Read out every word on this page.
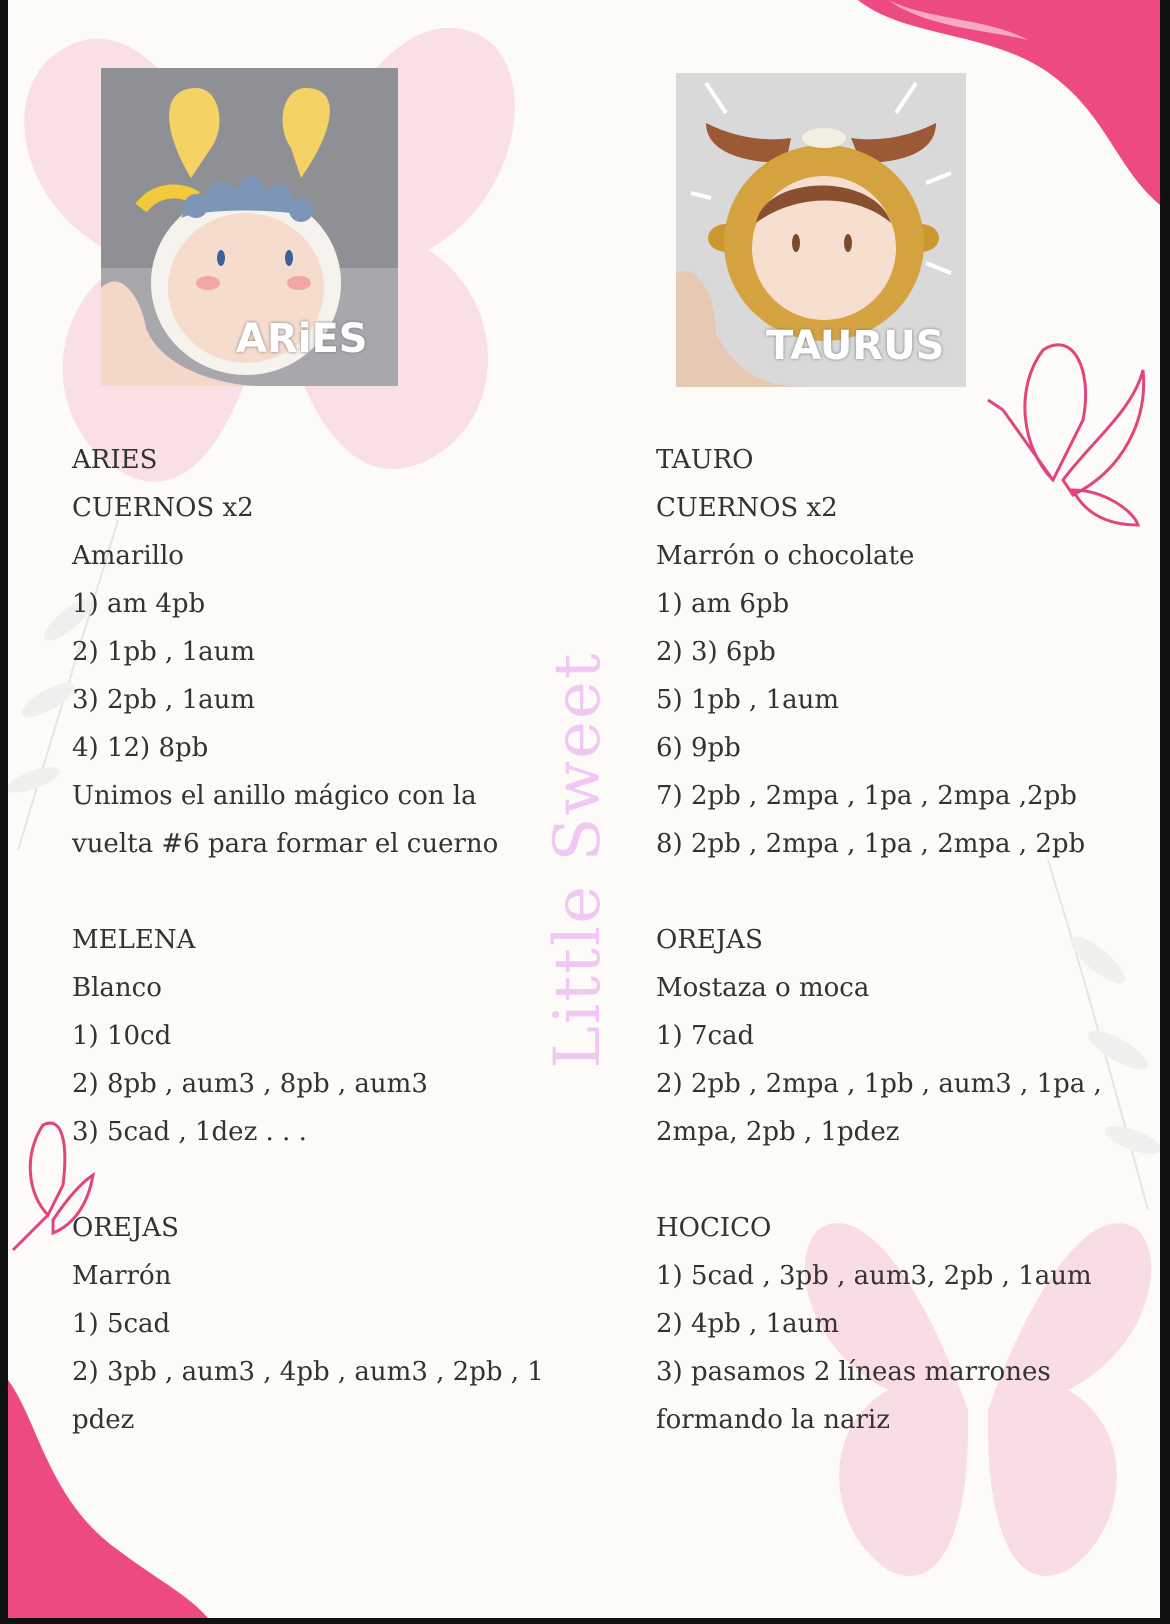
ARiES	TAURUS
Little Sweet
ARIES
CUERNOS x2
Amarillo
1) am 4pb
2) 1pb , 1aum
3) 2pb , 1aum
4) 12) 8pb
Unimos el anillo mágico con la
vuelta #6 para formar el cuerno
MELENA
Blanco
1) 10cd
2) 8pb , aum3 , 8pb , aum3
3) 5cad , 1dez . . .
OREJAS
Marrón
1) 5cad
2) 3pb , aum3 , 4pb , aum3 , 2pb , 1
pdez
TAURO
CUERNOS x2
Marrón o chocolate
1) am 6pb
2) 3) 6pb
5) 1pb , 1aum
6) 9pb
7) 2pb , 2mpa , 1pa , 2mpa ,2pb
8) 2pb , 2mpa , 1pa , 2mpa , 2pb
OREJAS
Mostaza o moca
1) 7cad
2) 2pb , 2mpa , 1pb , aum3 , 1pa ,
2mpa, 2pb , 1pdez
HOCICO
1) 5cad , 3pb , aum3, 2pb , 1aum
2) 4pb , 1aum
3) pasamos 2 líneas marrones
formando la nariz
